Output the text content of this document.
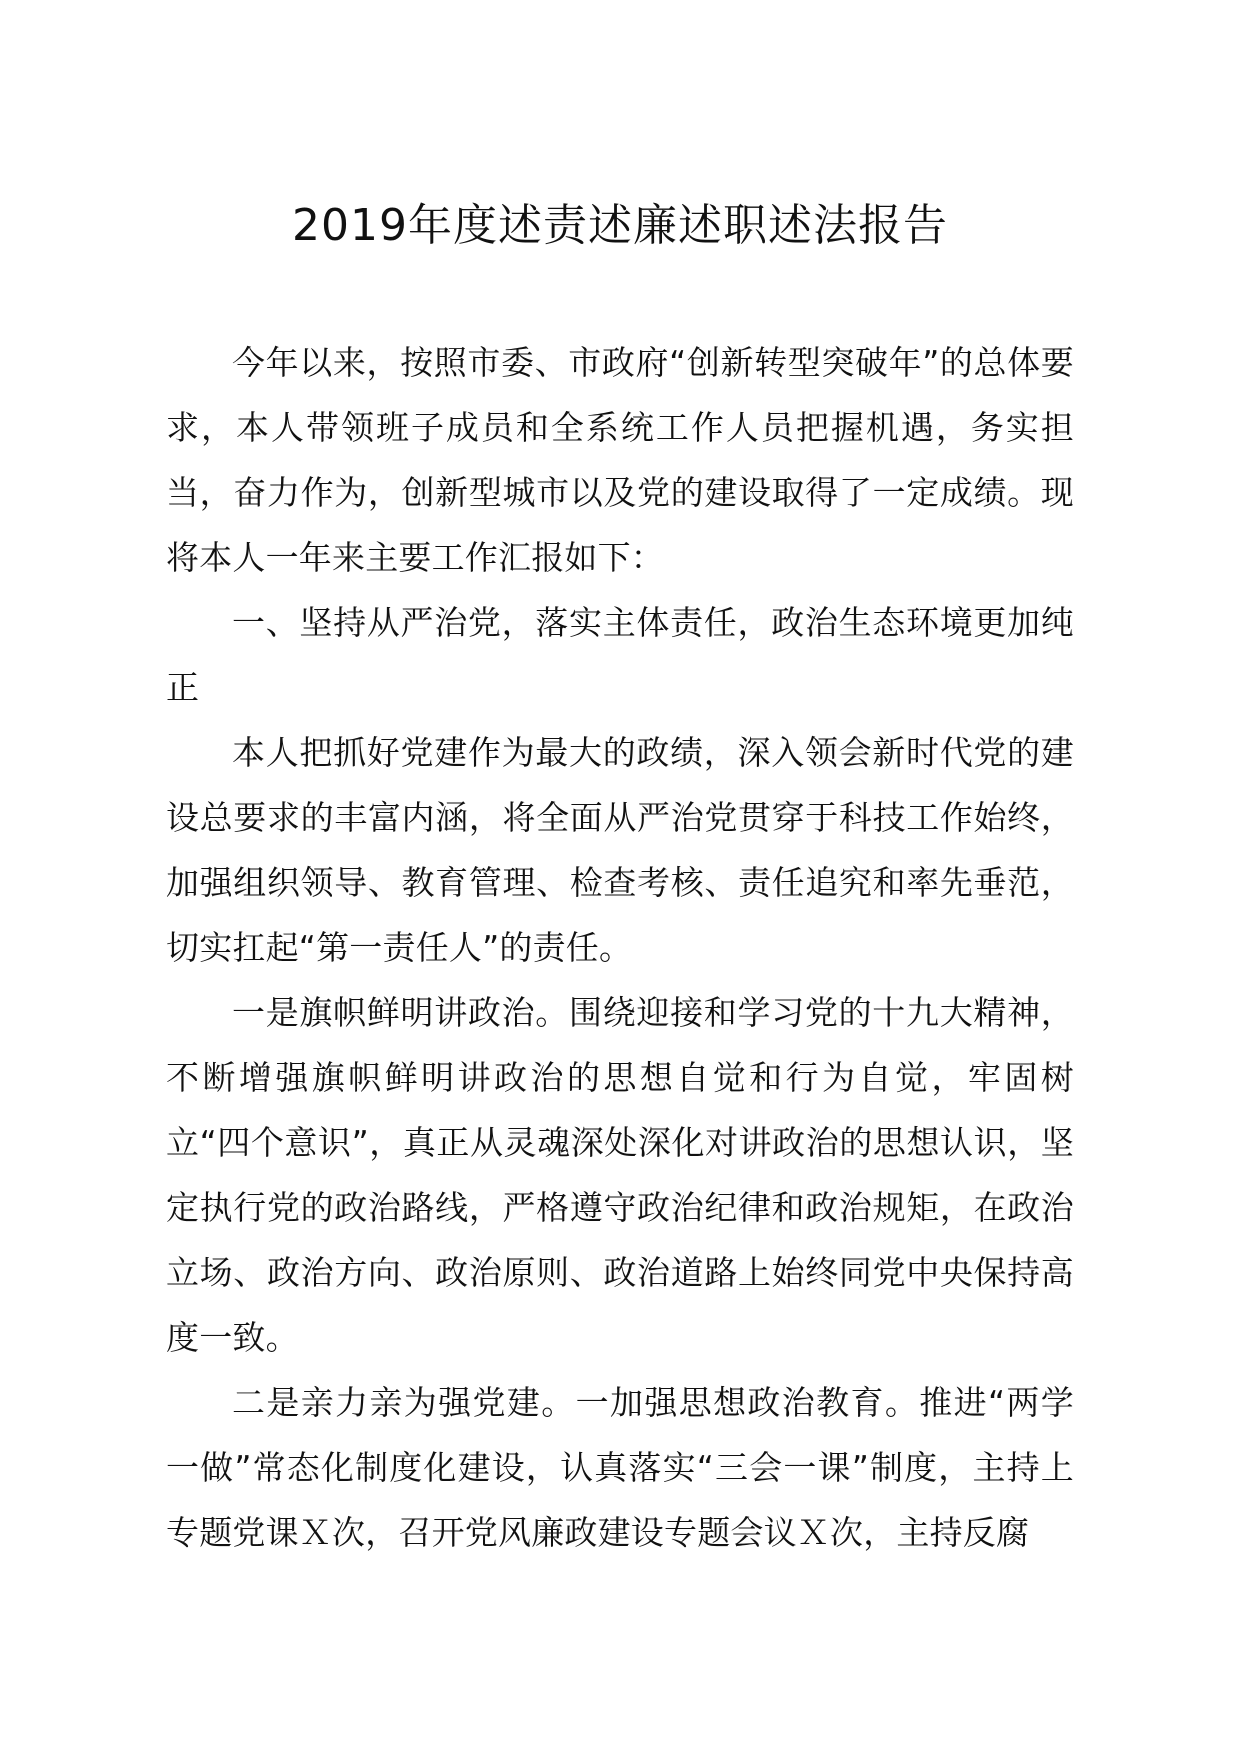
2019年度述责述廉述职述法报告

今年以来，按照市委、市政府“创新转型突破年”的总体要求，本人带领班子成员和全系统工作人员把握机遇，务实担当，奋力作为，创新型城市以及党的建设取得了一定成绩。现将本人一年来主要工作汇报如下：

一、坚持从严治党，落实主体责任，政治生态环境更加纯正

本人把抓好党建作为最大的政绩，深入领会新时代党的建设总要求的丰富内涵，将全面从严治党贯穿于科技工作始终，加强组织领导、教育管理、检查考核、责任追究和率先垂范，切实扛起“第一责任人”的责任。

一是旗帜鲜明讲政治。围绕迎接和学习党的十九大精神，不断增强旗帜鲜明讲政治的思想自觉和行为自觉，牢固树立“四个意识”，真正从灵魂深处深化对讲政治的思想认识，坚定执行党的政治路线，严格遵守政治纪律和政治规矩，在政治立场、政治方向、政治原则、政治道路上始终同党中央保持高度一致。

二是亲力亲为强党建。一加强思想政治教育。推进“两学一做”常态化制度化建设，认真落实“三会一课”制度，主持上专题党课Ｘ次，召开党风廉政建设专题会议Ｘ次，主持反腐
